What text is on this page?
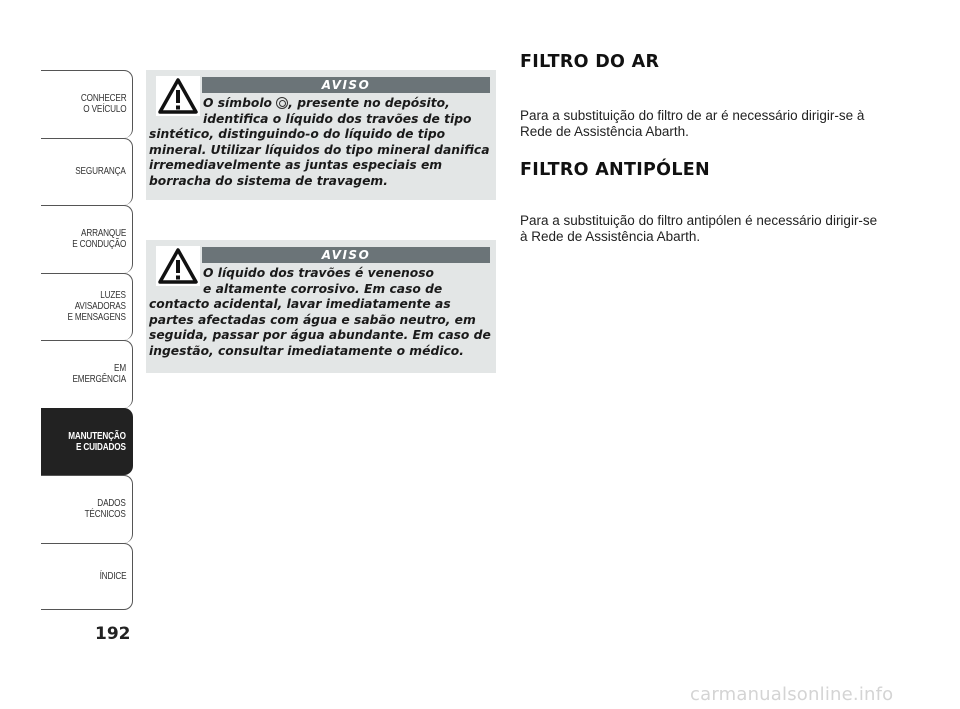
CONHECER
O VEÍCULO
SEGURANÇA
ARRANQUE
E CONDUÇÃO
LUZES
AVISADORAS
E MENSAGENS
EM EMERGÊNCIA
MANUTENÇÃO
E CUIDADOS
DADOS
TÉCNICOS
ÍNDICE
192
AVISO
O símbolo , presente no depósito,
identifica o líquido dos travões de tipo
sintético, distinguindo-o do líquido de tipo mineral. Utilizar líquidos do tipo mineral danifica irremediavelmente as juntas especiais em borracha do sistema de travagem.
AVISO
O líquido dos travões é venenoso
e altamente corrosivo. Em caso de
contacto acidental, lavar imediatamente as partes afectadas com água e sabão neutro, em seguida, passar por água abundante. Em caso de ingestão, consultar imediatamente o médico.
FILTRO DO AR

Para a substituição do filtro de ar é necessário dirigir-se à Rede de Assistência Abarth.

FILTRO ANTIPÓLEN

Para a substituição do filtro antipólen é necessário dirigir-se à Rede de Assistência Abarth.

carmanualsonline.info
